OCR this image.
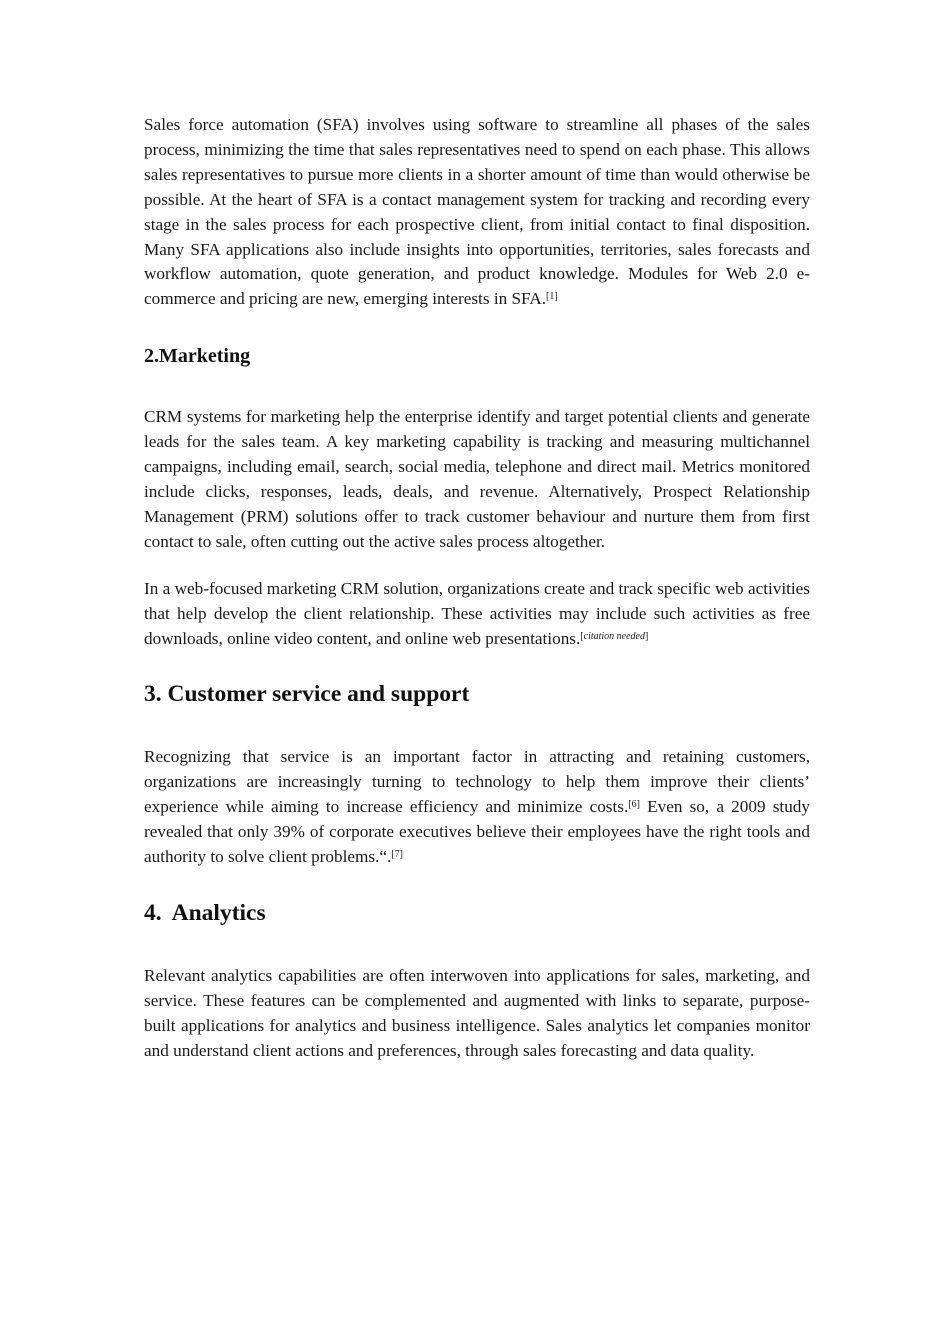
Sales force automation (SFA) involves using software to streamline all phases of the sales process, minimizing the time that sales representatives need to spend on each phase. This allows sales representatives to pursue more clients in a shorter amount of time than would otherwise be possible. At the heart of SFA is a contact management system for tracking and recording every stage in the sales process for each prospective client, from initial contact to final disposition. Many SFA applications also include insights into opportunities, territories, sales forecasts and workflow automation, quote generation, and product knowledge. Modules for Web 2.0 e-commerce and pricing are new, emerging interests in SFA.[1]

2.Marketing

CRM systems for marketing help the enterprise identify and target potential clients and generate leads for the sales team. A key marketing capability is tracking and measuring multichannel campaigns, including email, search, social media, telephone and direct mail. Metrics monitored include clicks, responses, leads, deals, and revenue. Alternatively, Prospect Relationship Management (PRM) solutions offer to track customer behaviour and nurture them from first contact to sale, often cutting out the active sales process altogether.

In a web-focused marketing CRM solution, organizations create and track specific web activities that help develop the client relationship. These activities may include such activities as free downloads, online video content, and online web presentations.[citation needed]

3. Customer service and support

Recognizing that service is an important factor in attracting and retaining customers, organizations are increasingly turning to technology to help them improve their clients’ experience while aiming to increase efficiency and minimize costs.[6] Even so, a 2009 study revealed that only 39% of corporate executives believe their employees have the right tools and authority to solve client problems.“.[7]

4. Analytics

Relevant analytics capabilities are often interwoven into applications for sales, marketing, and service. These features can be complemented and augmented with links to separate, purpose-built applications for analytics and business intelligence. Sales analytics let companies monitor and understand client actions and preferences, through sales forecasting and data quality.
